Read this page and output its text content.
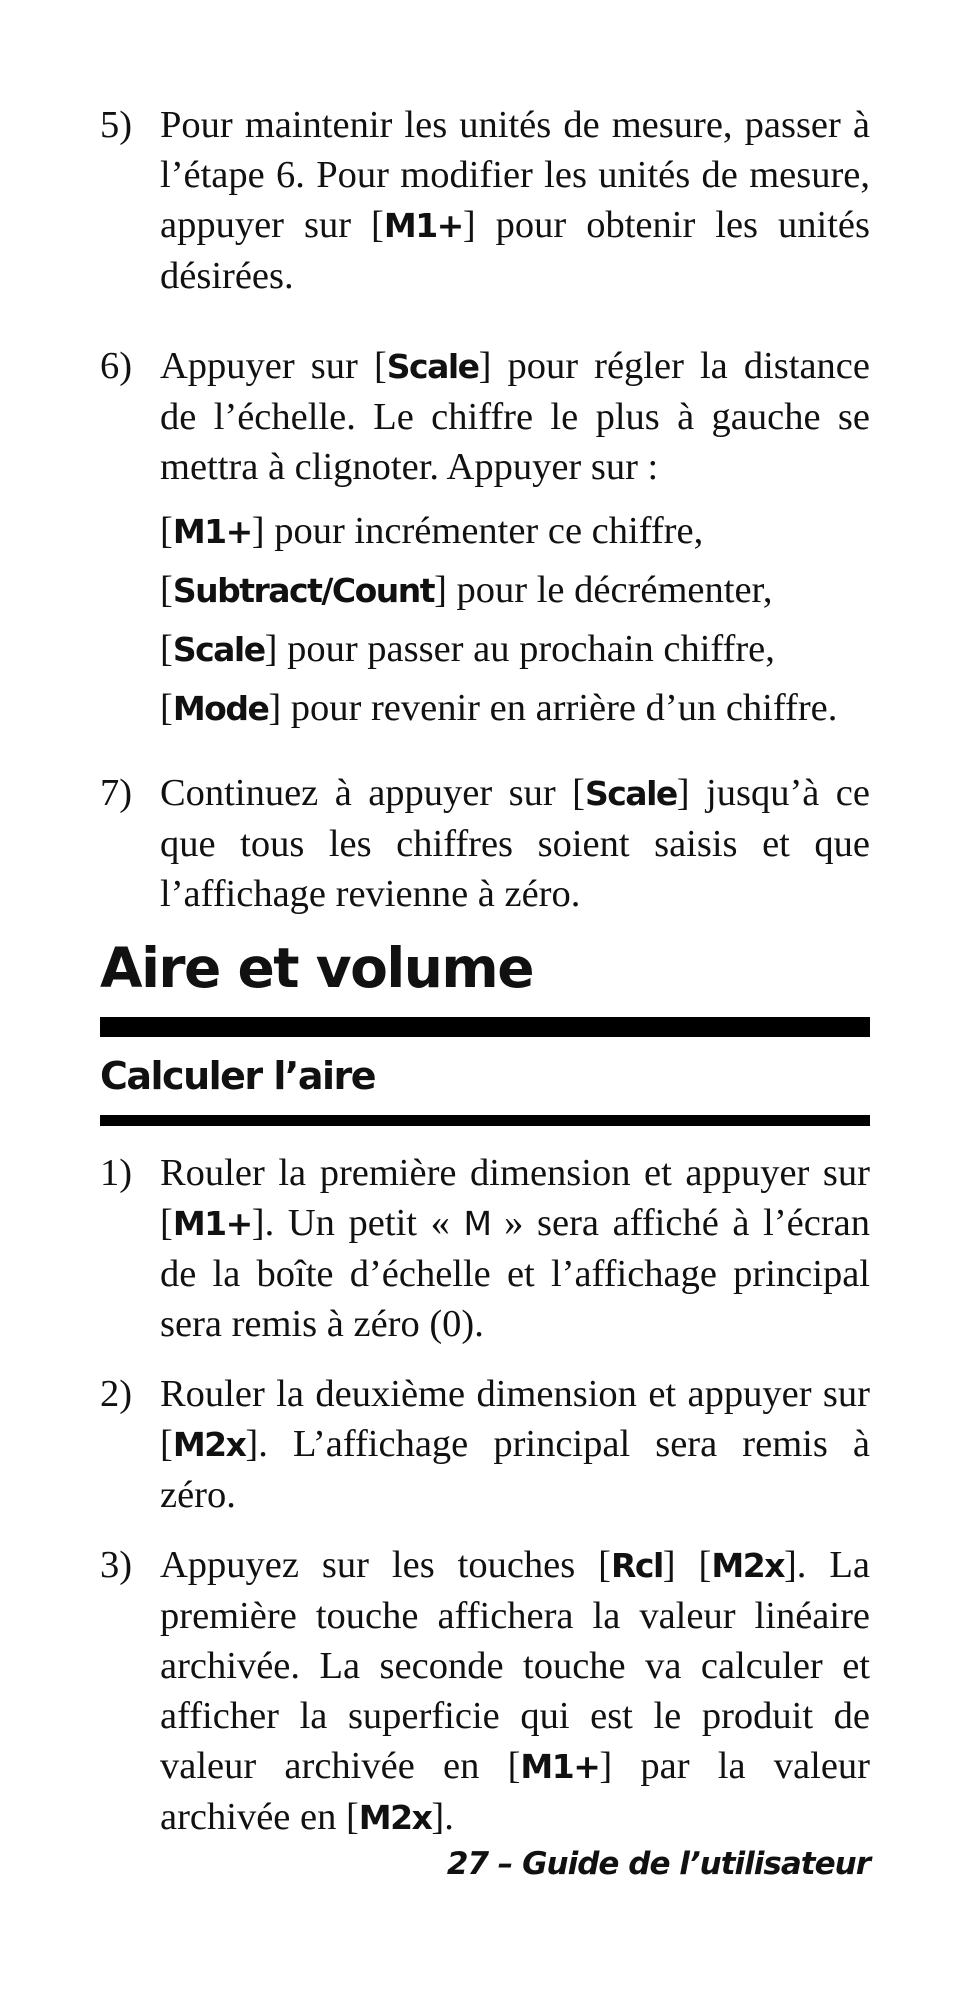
5) Pour maintenir les unités de mesure, passer à l’étape 6. Pour modifier les unités de mesure, appuyer sur [M1+] pour obtenir les unités désirées.

6) Appuyer sur [Scale] pour régler la distance de l’échelle. Le chiffre le plus à gauche se mettra à clignoter. Appuyer sur :

[M1+] pour incrémenter ce chiffre,

[Subtract/Count] pour le décrémenter,

[Scale] pour passer au prochain chiffre,

[Mode] pour revenir en arrière d’un chiffre.

7) Continuez à appuyer sur [Scale] jusqu’à ce que tous les chiffres soient saisis et que l’affichage revienne à zéro.

Aire et volume
Calculer l’aire
1) Rouler la première dimension et appuyer sur [M1+]. Un petit « M » sera affiché à l’écran de la boîte d’échelle et l’affichage principal sera remis à zéro (0).

2) Rouler la deuxième dimension et appuyer sur [M2x]. L’affichage principal sera remis à zéro.

3) Appuyez sur les touches [Rcl] [M2x]. La première touche affichera la valeur linéaire archivée. La seconde touche va calculer et afficher la superficie qui est le produit de valeur archivée en [M1+] par la valeur archivée en [M2x].

27 – Guide de l’utilisateur
